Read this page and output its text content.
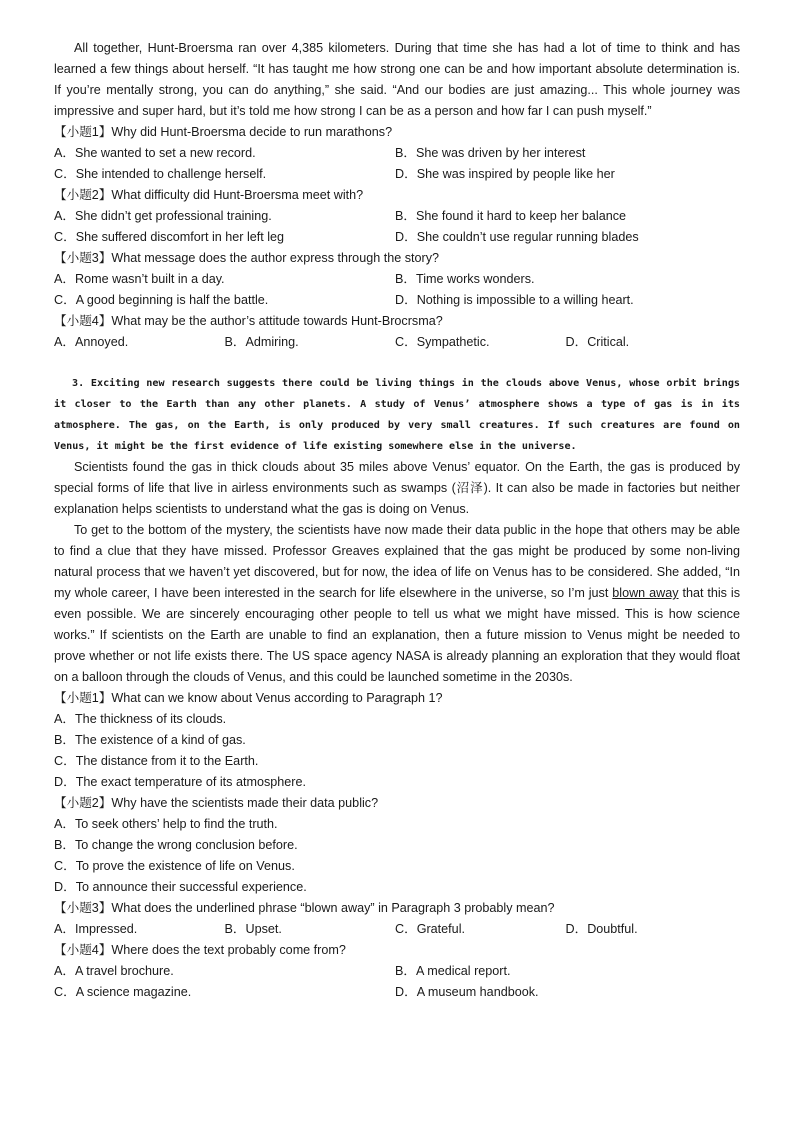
All together, Hunt-Broersma ran over 4,385 kilometers. During that time she has had a lot of time to think and has learned a few things about herself. “It has taught me how strong one can be and how important absolute determination is. If you’re mentally strong, you can do anything,” she said. “And our bodies are just amazing... This whole journey was impressive and super hard, but it’s told me how strong I can be as a person and how far I can push myself.”

【小题1】Why did Hunt-Broersma decide to run marathons?

A．She wanted to set a new record.	B．She was driven by her interest
C．She intended to challenge herself.	D．She was inspired by people like her

【小题2】What difficulty did Hunt-Broersma meet with?

A．She didn’t get professional training.	B．She found it hard to keep her balance
C．She suffered discomfort in her left leg	D．She couldn’t use regular running blades

【小题3】What message does the author express through the story?

A．Rome wasn’t built in a day.	B．Time works wonders.
C．A good beginning is half the battle.	D．Nothing is impossible to a willing heart.

【小题4】What may be the author’s attitude towards Hunt-Brocrsma?

A．Annoyed.	B．Admiring.	C．Sympathetic.	D．Critical.

3. Exciting new research suggests there could be living things in the clouds above Venus, whose orbit brings it closer to the Earth than any other planets. A study of Venus’ atmosphere shows a type of gas is in its atmosphere. The gas, on the Earth, is only produced by very small creatures. If such creatures are found on Venus, it might be the first evidence of life existing somewhere else in the universe.

Scientists found the gas in thick clouds about 35 miles above Venus’ equator. On the Earth, the gas is produced by special forms of life that live in airless environments such as swamps (沼泽). It can also be made in factories but neither explanation helps scientists to understand what the gas is doing on Venus.

To get to the bottom of the mystery, the scientists have now made their data public in the hope that others may be able to find a clue that they have missed. Professor Greaves explained that the gas might be produced by some non-living natural process that we haven’t yet discovered, but for now, the idea of life on Venus has to be considered. She added, “In my whole career, I have been interested in the search for life elsewhere in the universe, so I’m just blown away that this is even possible. We are sincerely encouraging other people to tell us what we might have missed. This is how science works.” If scientists on the Earth are unable to find an explanation, then a future mission to Venus might be needed to prove whether or not life exists there. The US space agency NASA is already planning an exploration that they would float on a balloon through the clouds of Venus, and this could be launched sometime in the 2030s.

【小题1】What can we know about Venus according to Paragraph 1?

A．The thickness of its clouds.

B．The existence of a kind of gas.

C．The distance from it to the Earth.

D．The exact temperature of its atmosphere.

【小题2】Why have the scientists made their data public?

A．To seek others’ help to find the truth.

B．To change the wrong conclusion before.

C．To prove the existence of life on Venus.

D．To announce their successful experience.

【小题3】What does the underlined phrase “blown away” in Paragraph 3 probably mean?

A．Impressed.	B．Upset.	C．Grateful.	D．Doubtful.

【小题4】Where does the text probably come from?

A．A travel brochure.	B．A medical report.
C．A science magazine.	D．A museum handbook.
